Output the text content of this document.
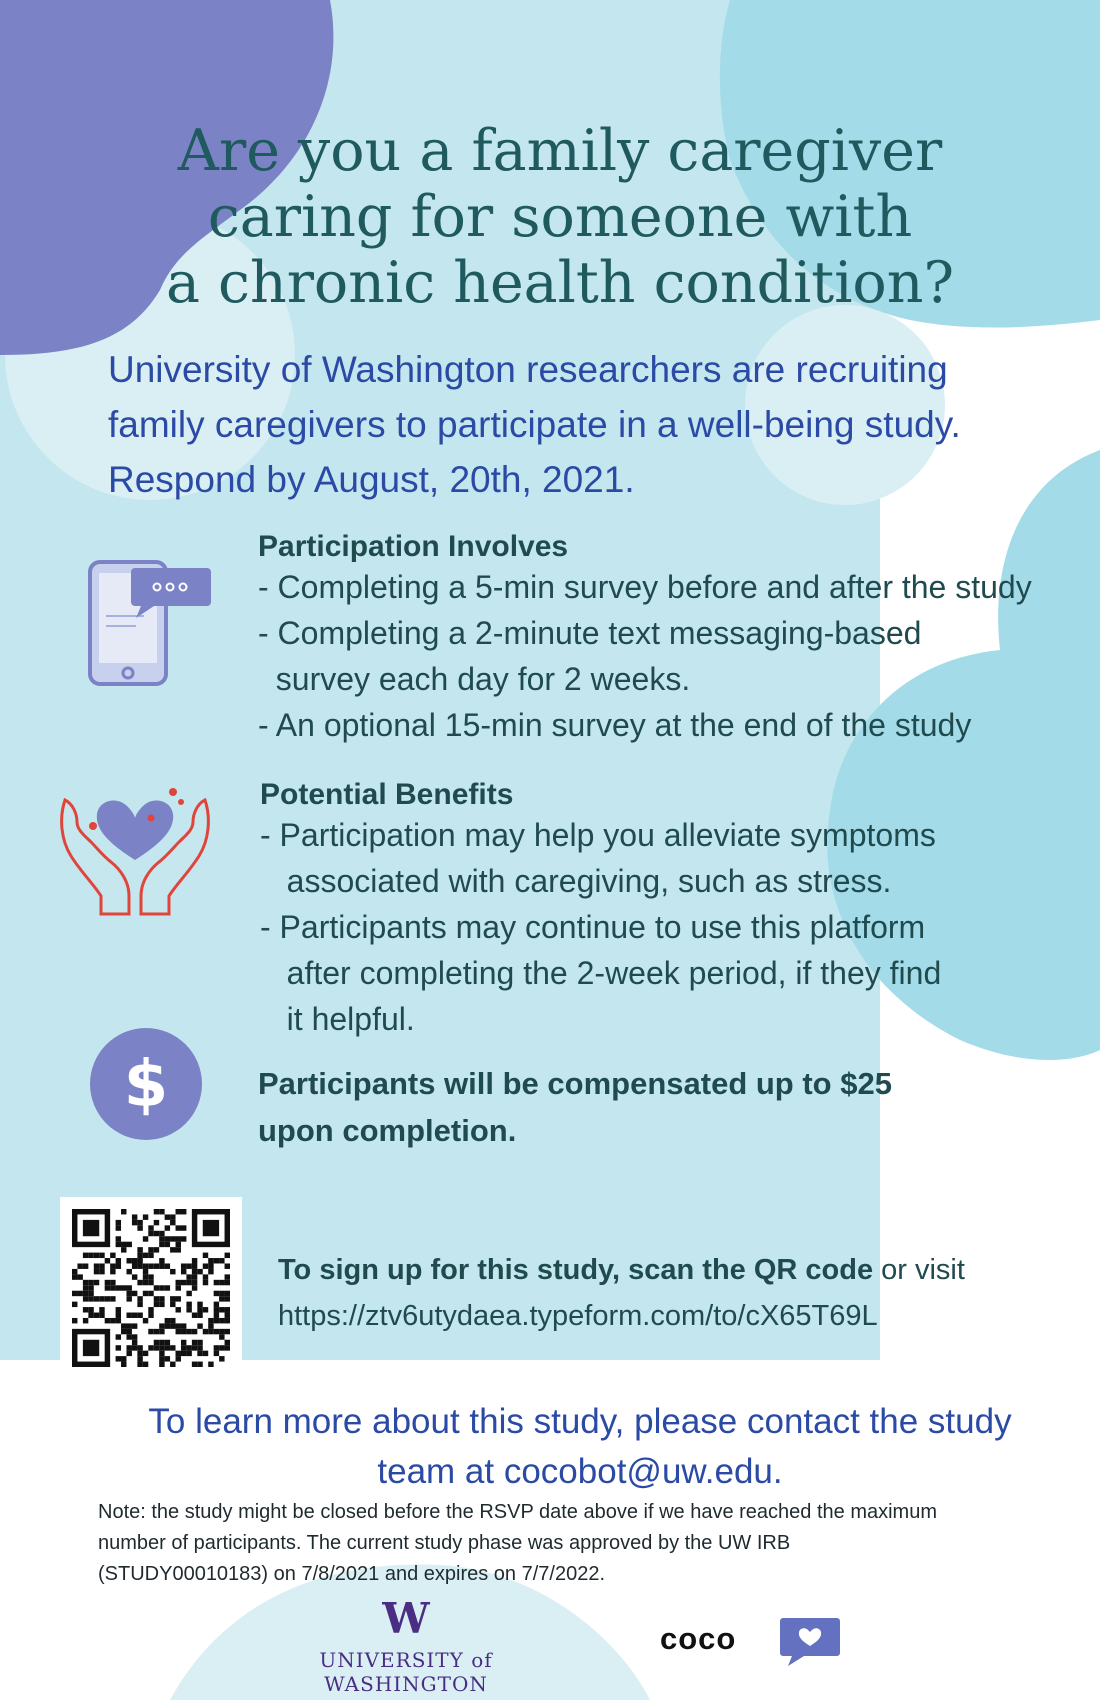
Are you a family caregiver
caring for someone with
a chronic health condition?
University of Washington researchers are recruiting
family caregivers to participate in a well-being study.
Respond by August, 20th, 2021.

Participation Involves

- Completing a 5-min survey before and after the study
- Completing a 2-minute text messaging-based
survey each day for 2 weeks.
- An optional 15-min survey at the end of the study

Potential Benefits

- Participation may help you alleviate symptoms
associated with caregiving, such as stress.
- Participants may continue to use this platform
after completing the 2-week period, if they find
it helpful.
$	Participants will be compensated up to $25
upon completion.
To sign up for this study, scan the QR code or visit
https://ztv6utydaea.typeform.com/to/cX65T69L
To learn more about this study, please contact the study
team at cocobot@uw.edu.
Note: the study might be closed before the RSVP date above if we have reached the maximum
number of participants. The current study phase was approved by the UW IRB
(STUDY00010183) on 7/8/2021 and expires on 7/7/2022.
W
UNIVERSITY of WASHINGTON
coco
